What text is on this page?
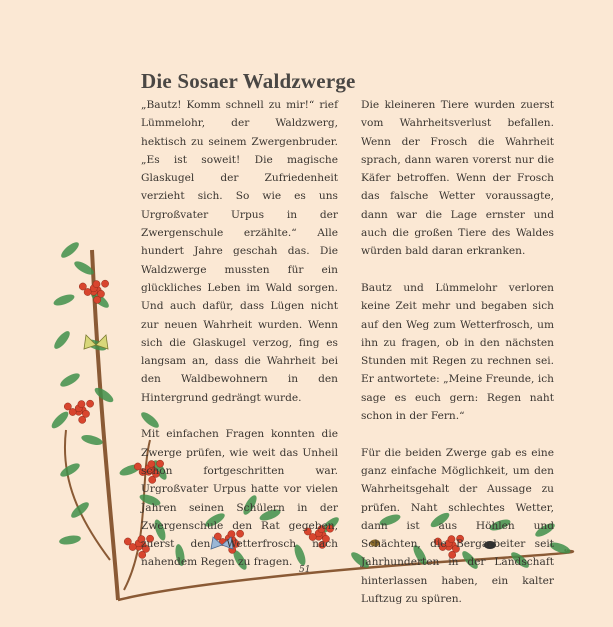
Die Sosaer Waldzwerge

„Bautz! Komm schnell zu mir!“ rief Lümmelohr, der Waldzwerg, hektisch zu seinem Zwergenbruder. „Es ist soweit! Die magische Glaskugel der Zufriedenheit verzieht sich. So wie es uns Urgroßvater Urpus in der Zwergenschule erzählte.“ Alle hundert Jahre geschah das. Die Waldzwerge mussten für ein glückliches Leben im Wald sorgen. Und auch dafür, dass Lügen nicht zur neuen Wahrheit wurden. Wenn sich die Glaskugel verzog, fing es langsam an, dass die Wahrheit bei den Waldbewohnern in den Hintergrund gedrängt wurde.

Mit einfachen Fragen konnten die Zwerge prüfen, wie weit das Unheil schon fortgeschritten war. Urgroßvater Urpus hatte vor vielen Jahren seinen Schülern in der Zwergenschule den Rat gegeben, zuerst den Wetterfrosch nach nahendem Regen zu fragen.

Die kleineren Tiere wurden zuerst vom Wahrheitsverlust befallen. Wenn der Frosch die Wahrheit sprach, dann waren vorerst nur die Käfer betroffen. Wenn der Frosch das falsche Wetter voraussagte, dann war die Lage ernster und auch die großen Tiere des Waldes würden bald daran erkranken.

Bautz und Lümmelohr verloren keine Zeit mehr und begaben sich auf den Weg zum Wetterfrosch, um ihn zu fragen, ob in den nächsten Stunden mit Regen zu rechnen sei. Er antwortete: „Meine Freunde, ich sage es euch gern: Regen naht schon in der Fern.“

Für die beiden Zwerge gab es eine ganz einfache Möglichkeit, um den Wahrheitsgehalt der Aussage zu prüfen. Naht schlechtes Wetter, dann ist aus Höhlen und Schächten, die Bergarbeiter seit Jahrhunderten in der Landschaft hinterlassen haben, ein kalter Luftzug zu spüren.

51
